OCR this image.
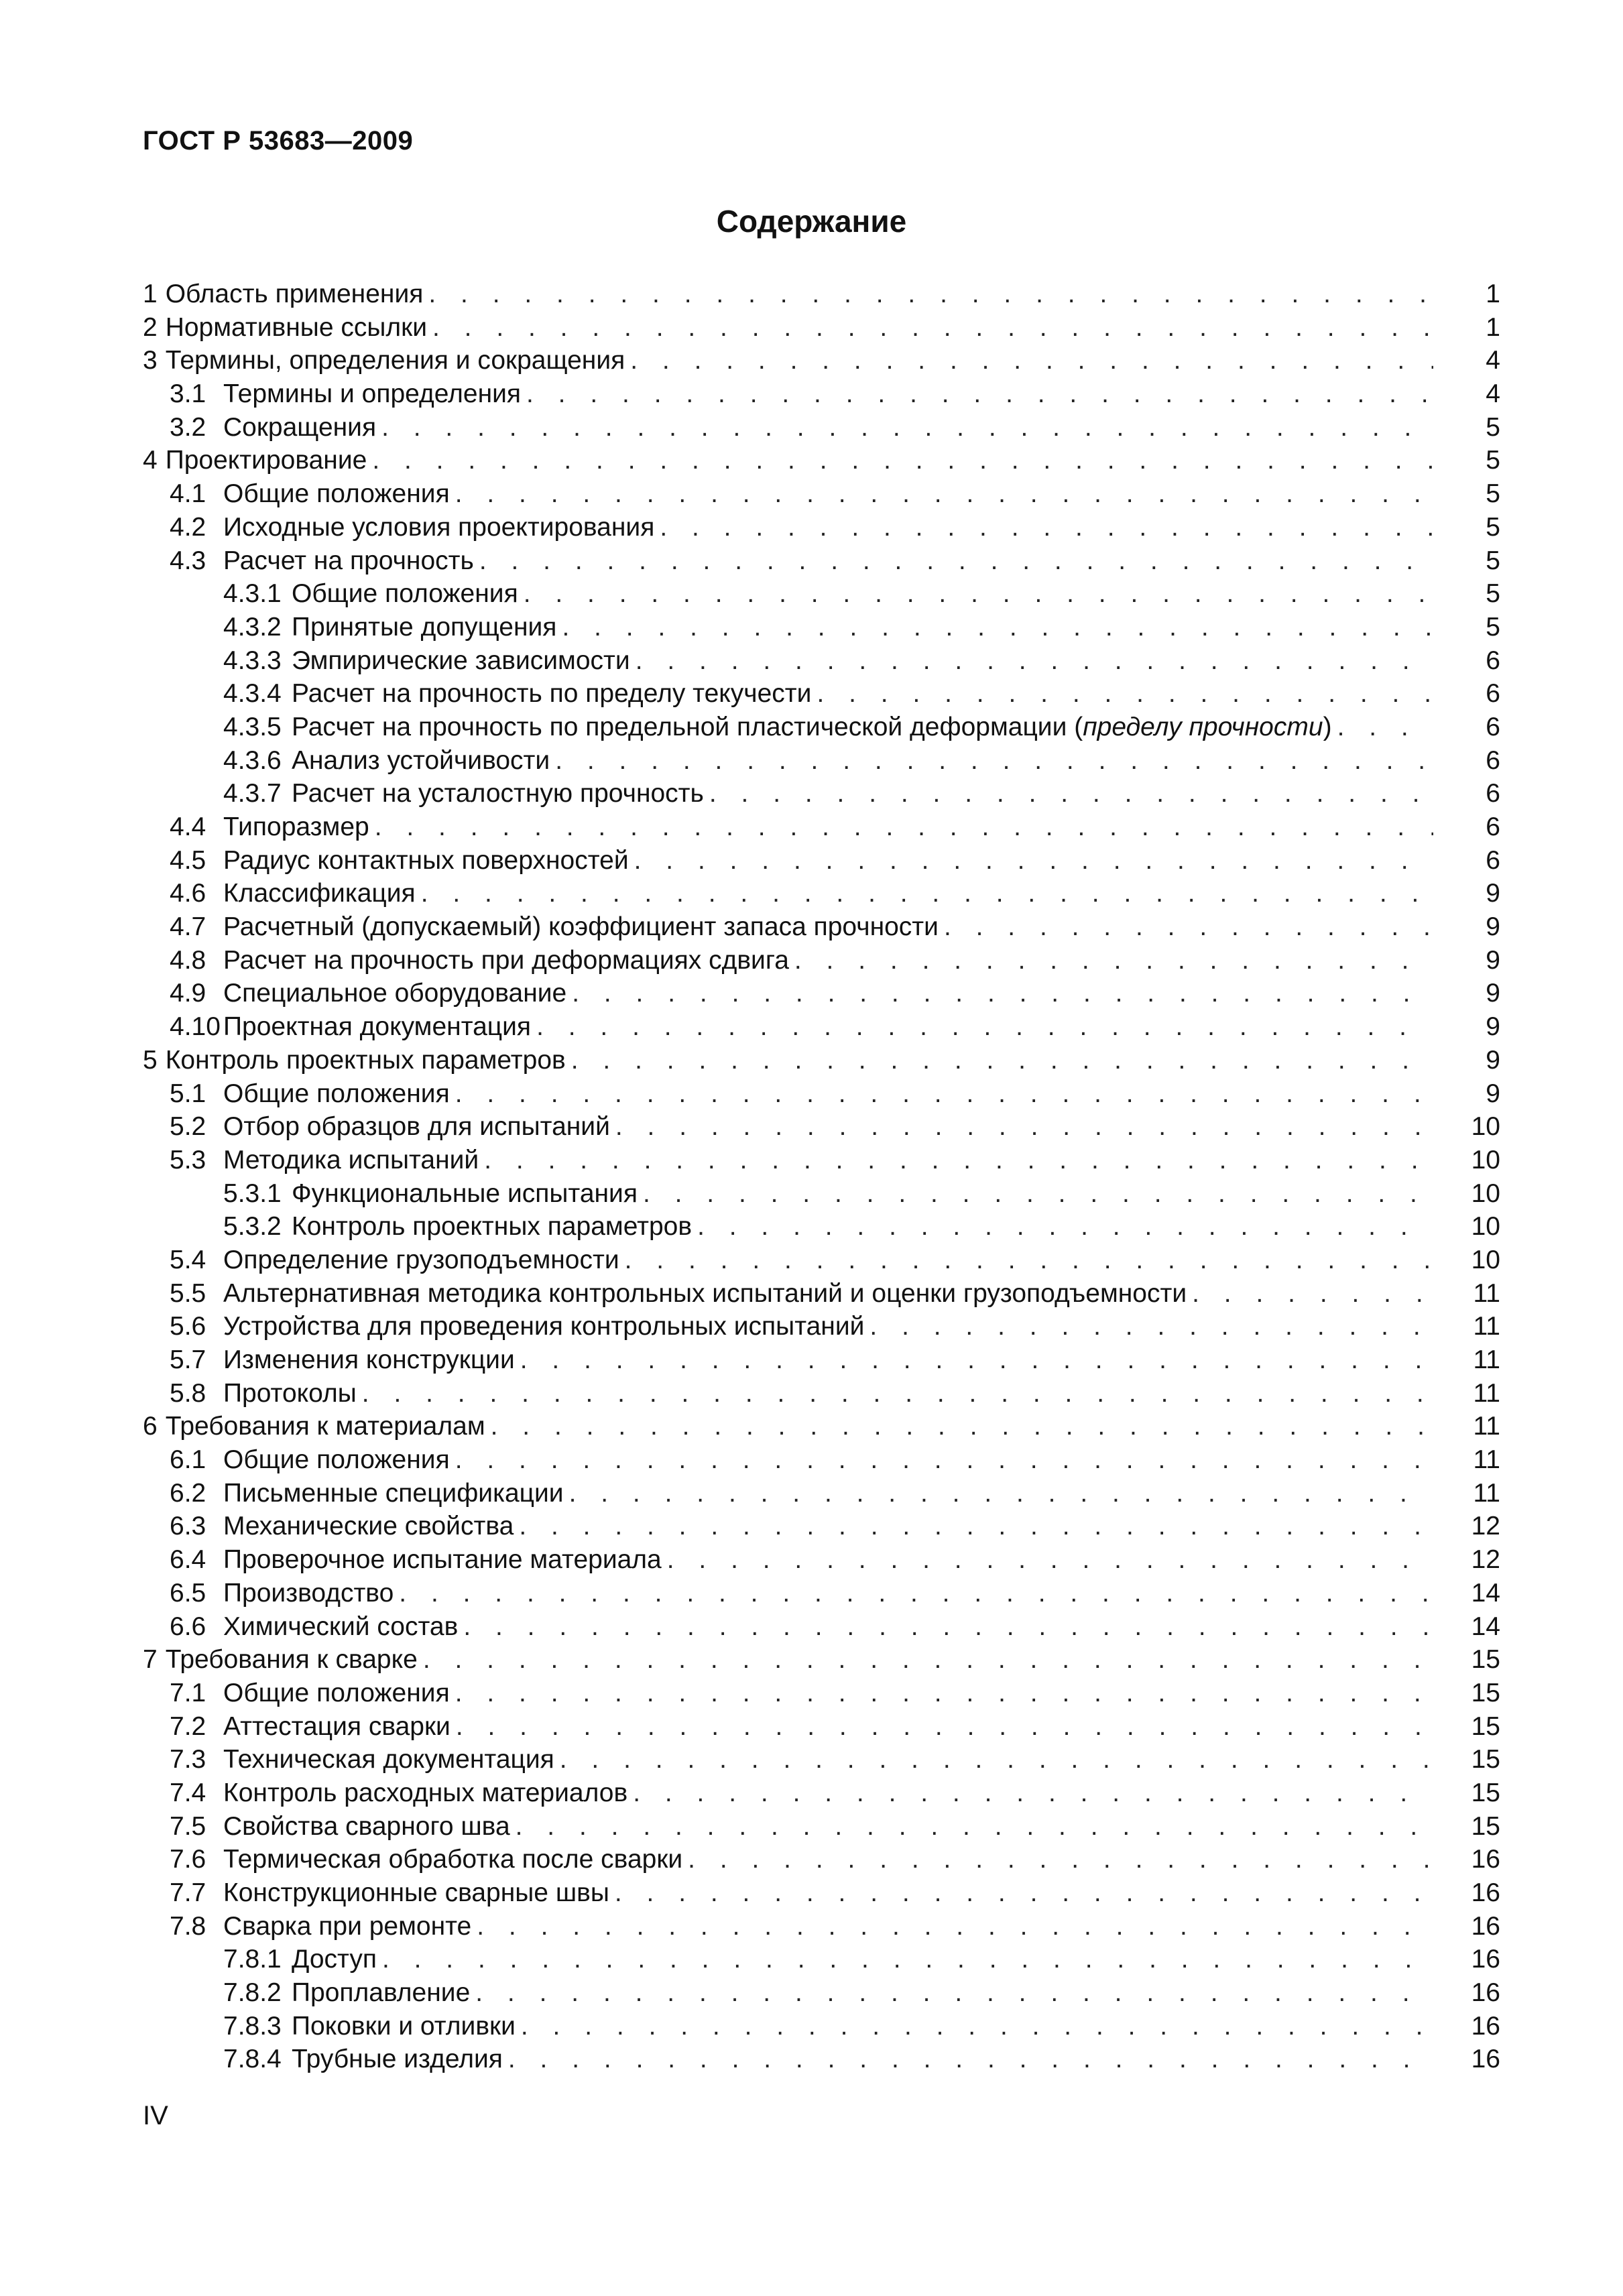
ГОСТ Р 53683—2009
Содержание
1 Область применения . . .	1
2 Нормативные ссылки . . .	1
3 Термины, определения и сокращения . . .	4
3.1 Термины и определения . . .	4
3.2 Сокращения . . .	5
4 Проектирование . . .	5
4.1 Общие положения . . .	5
4.2 Исходные условия проектирования . . .	5
4.3 Расчет на прочность . . .	5
4.3.1 Общие положения . . .	5
4.3.2 Принятые допущения . . .	5
4.3.3 Эмпирические зависимости . . .	6
4.3.4 Расчет на прочность по пределу текучести . . .	6
4.3.5 Расчет на прочность по предельной пластической деформации (пределу прочности) . . .	6
4.3.6 Анализ устойчивости . . .	6
4.3.7 Расчет на усталостную прочность . . .	6
4.4 Типоразмер . . .	6
4.5 Радиус контактных поверхностей . . .	6
4.6 Классификация . . .	9
4.7 Расчетный (допускаемый) коэффициент запаса прочности . . .	9
4.8 Расчет на прочность при деформациях сдвига . . .	9
4.9 Специальное оборудование . . .	9
4.10 Проектная документация . . .	9
5 Контроль проектных параметров . . .	9
5.1 Общие положения . . .	9
5.2 Отбор образцов для испытаний . . .	10
5.3 Методика испытаний . . .	10
5.3.1 Функциональные испытания . . .	10
5.3.2 Контроль проектных параметров . . .	10
5.4 Определение грузоподъемности . . .	10
5.5 Альтернативная методика контрольных испытаний и оценки грузоподъемности . . .	11
5.6 Устройства для проведения контрольных испытаний . . .	11
5.7 Изменения конструкции . . .	11
5.8 Протоколы . . .	11
6 Требования к материалам . . .	11
6.1 Общие положения . . .	11
6.2 Письменные спецификации . . .	11
6.3 Механические свойства . . .	12
6.4 Проверочное испытание материала . . .	12
6.5 Производство . . .	14
6.6 Химический состав . . .	14
7 Требования к сварке . . .	15
7.1 Общие положения . . .	15
7.2 Аттестация сварки . . .	15
7.3 Техническая документация . . .	15
7.4 Контроль расходных материалов . . .	15
7.5 Свойства сварного шва . . .	15
7.6 Термическая обработка после сварки . . .	16
7.7 Конструкционные сварные швы . . .	16
7.8 Сварка при ремонте . . .	16
7.8.1 Доступ . . .	16
7.8.2 Проплавление . . .	16
7.8.3 Поковки и отливки . . .	16
7.8.4 Трубные изделия . . .	16
IV
